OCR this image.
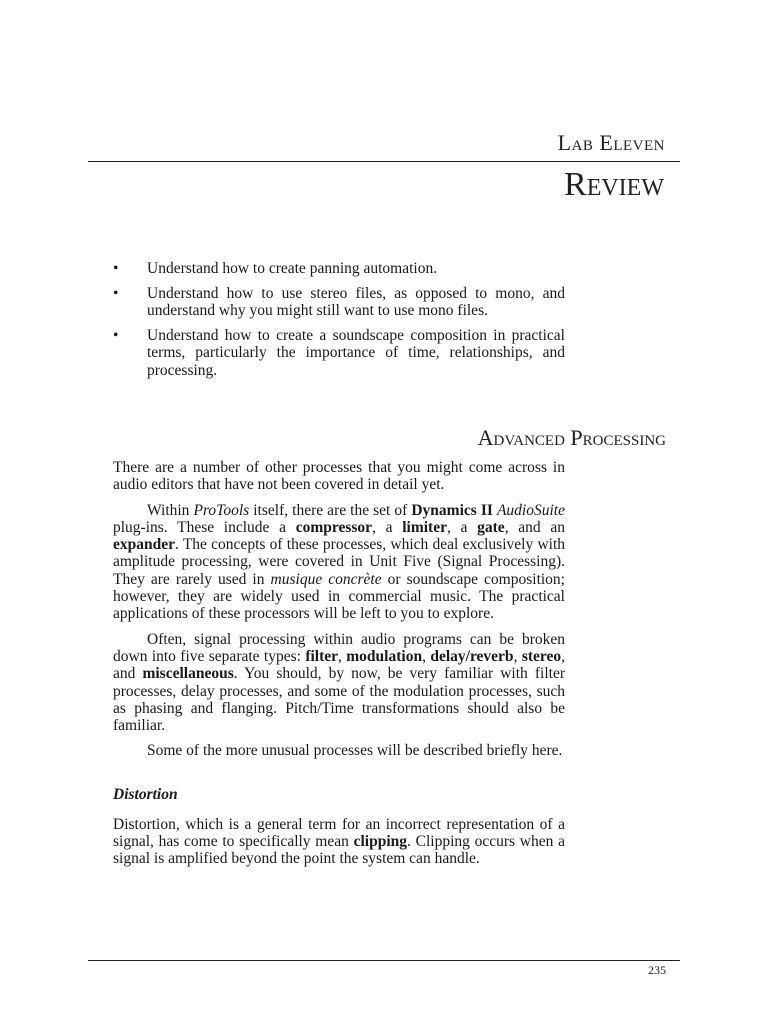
Lab Eleven
Review
• Understand how to create panning automation.
• Understand how to use stereo files, as opposed to mono, and understand why you might still want to use mono files.
• Understand how to create a soundscape composition in practical terms, particularly the importance of time, relationships, and processing.
Advanced Processing

There are a number of other processes that you might come across in audio editors that have not been covered in detail yet.

Within ProTools itself, there are the set of Dynamics II AudioSuite plug-ins. These include a compressor, a limiter, a gate, and an expander. The concepts of these processes, which deal exclusively with amplitude processing, were covered in Unit Five (Signal Processing). They are rarely used in musique concrète or soundscape composition; however, they are widely used in commercial music. The practical applications of these processors will be left to you to explore.

Often, signal processing within audio programs can be broken down into five separate types: filter, modulation, delay/reverb, stereo, and miscellaneous. You should, by now, be very familiar with filter processes, delay processes, and some of the modulation processes, such as phasing and flanging. Pitch/Time transformations should also be familiar.

Some of the more unusual processes will be described briefly here.

Distortion

Distortion, which is a general term for an incorrect representation of a signal, has come to specifically mean clipping. Clipping occurs when a signal is amplified beyond the point the system can handle.

235
